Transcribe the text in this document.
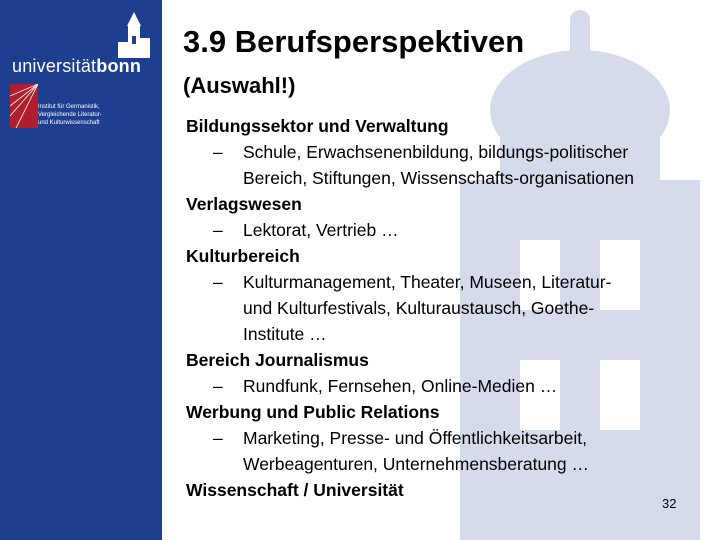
universitätbonn
Institut für Germanistik,
Vergleichende Literatur-
und Kulturwissenschaft
3.9 Berufsperspektiven
(Auswahl!)
Bildungssektor und Verwaltung
– Schule, Erwachsenenbildung, bildungs-politischer
Bereich, Stiftungen, Wissenschafts-organisationen
Verlagswesen
– Lektorat, Vertrieb …
Kulturbereich
– Kulturmanagement, Theater, Museen, Literatur-
und Kulturfestivals, Kulturaustausch, Goethe-
Institute …
Bereich Journalismus
– Rundfunk, Fernsehen, Online-Medien …
Werbung und Public Relations
– Marketing, Presse- und Öffentlichkeitsarbeit,
Werbeagenturen, Unternehmensberatung …
Wissenschaft / Universität
32
